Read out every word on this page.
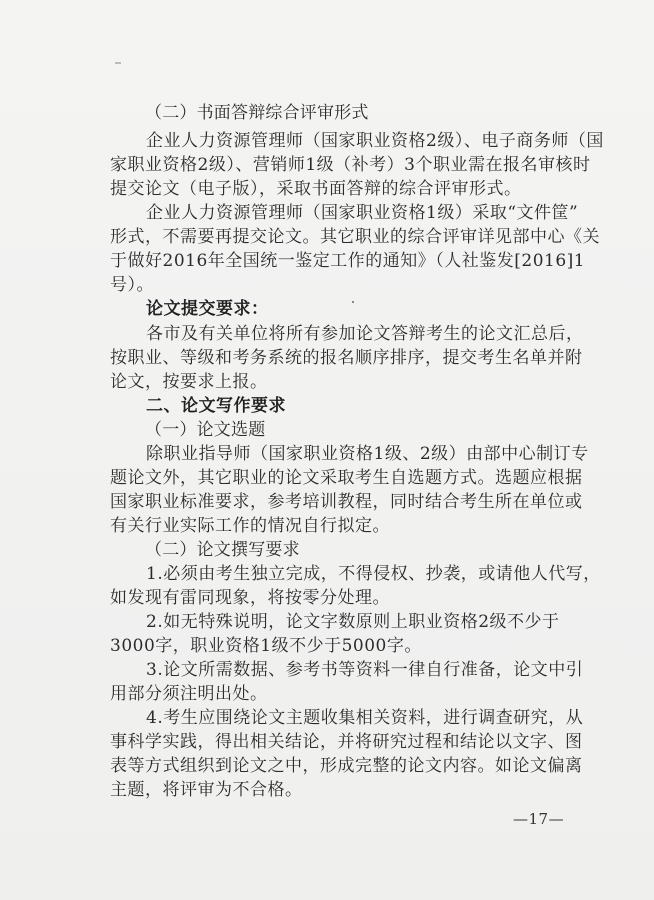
（二）书面答辩综合评审形式
企业人力资源管理师（国家职业资格2级）、电子商务师（国
家职业资格2级）、营销师1级（补考）3个职业需在报名审核时
提交论文（电子版），采取书面答辩的综合评审形式。
企业人力资源管理师（国家职业资格1级）采取“文件筐”
形式，不需要再提交论文。其它职业的综合评审详见部中心《关
于做好2016年全国统一鉴定工作的通知》（人社鉴发[2016]1
号）。
论文提交要求：
各市及有关单位将所有参加论文答辩考生的论文汇总后，
按职业、等级和考务系统的报名顺序排序，提交考生名单并附
论文，按要求上报。
二、论文写作要求
（一）论文选题
除职业指导师（国家职业资格1级、2级）由部中心制订专
题论文外，其它职业的论文采取考生自选题方式。选题应根据
国家职业标准要求，参考培训教程，同时结合考生所在单位或
有关行业实际工作的情况自行拟定。
（二）论文撰写要求
1.必须由考生独立完成，不得侵权、抄袭，或请他人代写，
如发现有雷同现象，将按零分处理。
2.如无特殊说明，论文字数原则上职业资格2级不少于
3000字，职业资格1级不少于5000字。
3.论文所需数据、参考书等资料一律自行准备，论文中引
用部分须注明出处。
4.考生应围绕论文主题收集相关资料，进行调查研究，从
事科学实践，得出相关结论，并将研究过程和结论以文字、图
表等方式组织到论文之中，形成完整的论文内容。如论文偏离
主题，将评审为不合格。
—17—
